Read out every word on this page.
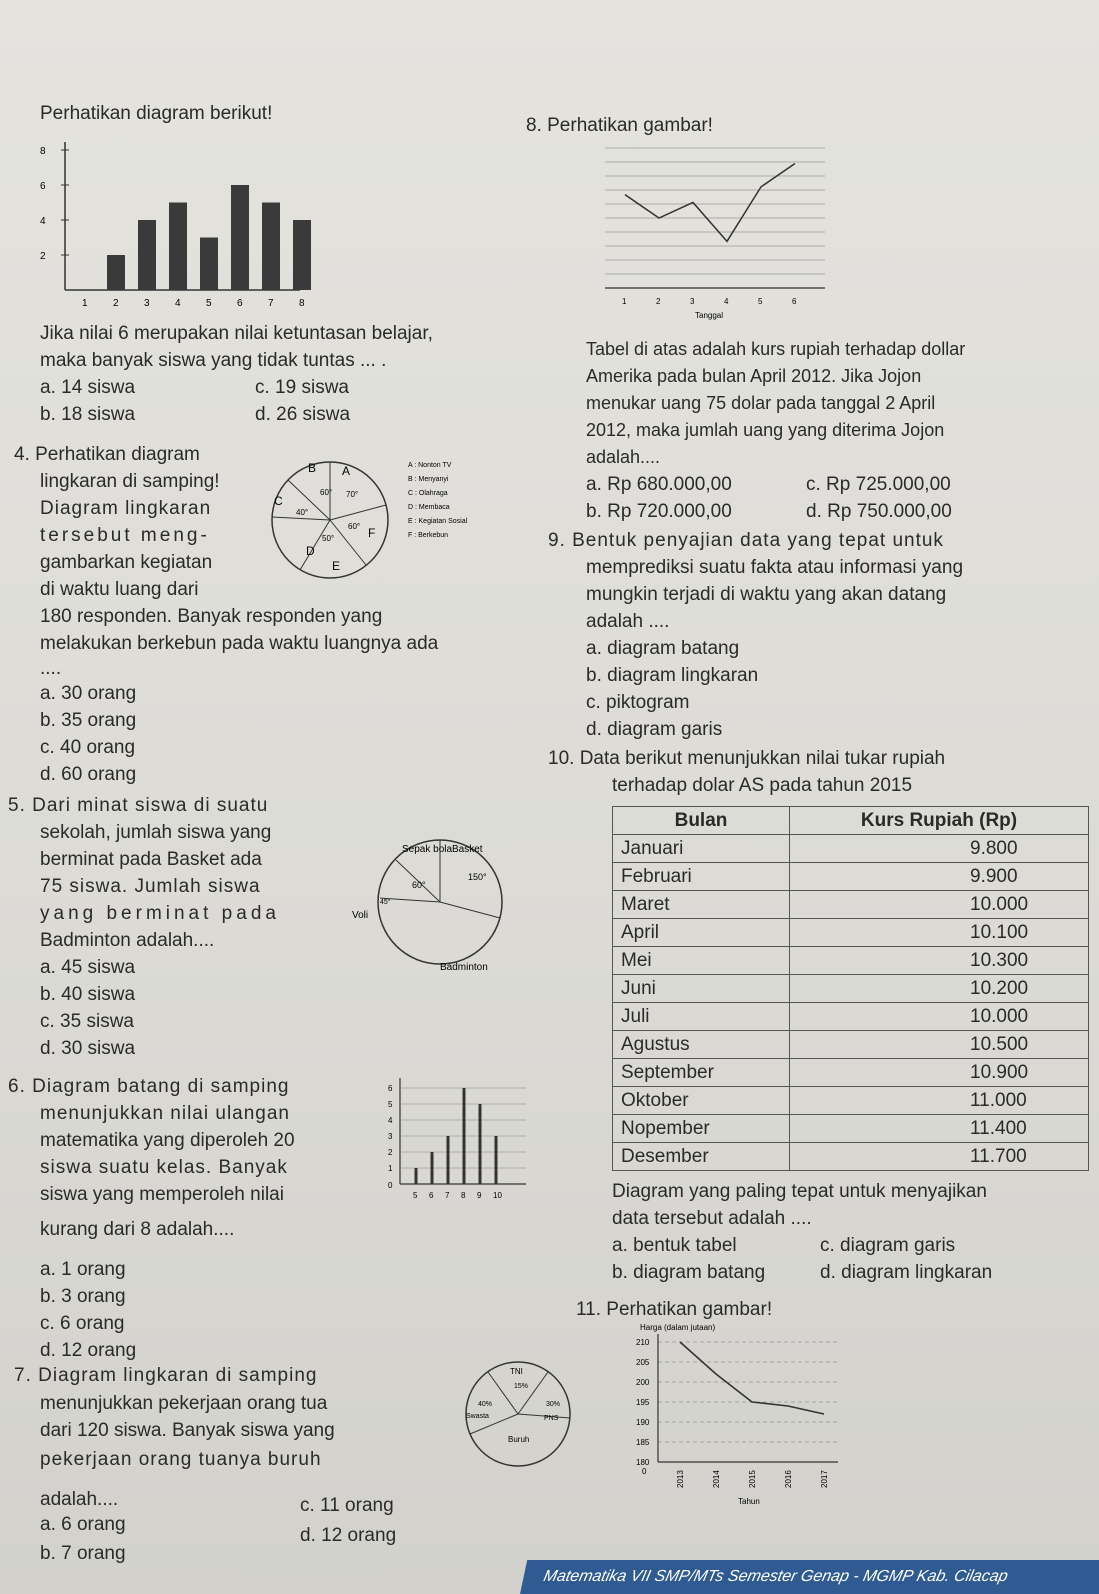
Perhatikan diagram berikut!
2
4
6
8
1	2	3	4	5	6	7	8
Jika nilai 6 merupakan nilai ketuntasan belajar,
maka banyak siswa yang tidak tuntas ... .
a. 14 siswa	c. 19 siswa
b. 18 siswa	d. 26 siswa
4. Perhatikan diagram
lingkaran di samping!
Diagram lingkaran
tersebut meng-
gambarkan kegiatan
di waktu luang dari
180 responden. Banyak responden yang
melakukan berkebun pada waktu luangnya ada
....
a. 30 orang
b. 35 orang
c. 40 orang
d. 60 orang
A
B
C
D
E
F
60° 70°
40°
50°
60°
A : Nonton TV
B : Menyanyi
C : Olahraga
D : Membaca
E : Kegiatan Sosial
F : Berkebun
5. Dari minat siswa di suatu
sekolah, jumlah siswa yang
berminat pada Basket ada
75 siswa. Jumlah siswa
yang berminat pada
Badminton adalah....
a. 45 siswa
b. 40 siswa
c. 35 siswa
d. 30 siswa
Sepak bola Basket
Voli
Badminton
150°
60°
45°
6. Diagram batang di samping
menunjukkan nilai ulangan
matematika yang diperoleh 20
siswa suatu kelas. Banyak
siswa yang memperoleh nilai
kurang dari 8 adalah....
a. 1 orang
b. 3 orang
c. 6 orang
d. 12 orang
0
1
2
3
4
5
6
5 6 7 8 9 10
7. Diagram lingkaran di samping
menunjukkan pekerjaan orang tua
dari 120 siswa. Banyak siswa yang
pekerjaan orang tuanya buruh
adalah....
a. 6 orang
c. 11 orang
b. 7 orang
d. 12 orang
TNI
15%
Swasta
40%
PNS
30%
Buruh
8. Perhatikan gambar!
1	2	3	4	5	6
Tanggal
Tabel di atas adalah kurs rupiah terhadap dollar
Amerika pada bulan April 2012. Jika Jojon
menukar uang 75 dolar pada tanggal 2 April
2012, maka jumlah uang yang diterima Jojon
adalah....
a. Rp 680.000,00	c. Rp 725.000,00
b. Rp 720.000,00	d. Rp 750.000,00
9. Bentuk penyajian data yang tepat untuk
memprediksi suatu fakta atau informasi yang
mungkin terjadi di waktu yang akan datang
adalah ....
a. diagram batang
b. diagram lingkaran
c. piktogram
d. diagram garis
10. Data berikut menunjukkan nilai tukar rupiah
terhadap dolar AS pada tahun 2015
Bulan	Kurs Rupiah (Rp)
Januari	9.800
Februari	9.900
Maret	10.000
April	10.100
Mei	10.300
Juni	10.200
Juli	10.000
Agustus	10.500
September	10.900
Oktober	11.000
Nopember	11.400
Desember	11.700
Diagram yang paling tepat untuk menyajikan
data tersebut adalah ....
a. bentuk tabel	c. diagram garis
b. diagram batang	d. diagram lingkaran
11. Perhatikan gambar!
Harga (dalam jutaan)
210
205
200
195
190
185
180
0	2013	2014	2015	2016	2017
Tahun
Matematika VII SMP/MTs Semester Genap - MGMP Kab. Cilacap
